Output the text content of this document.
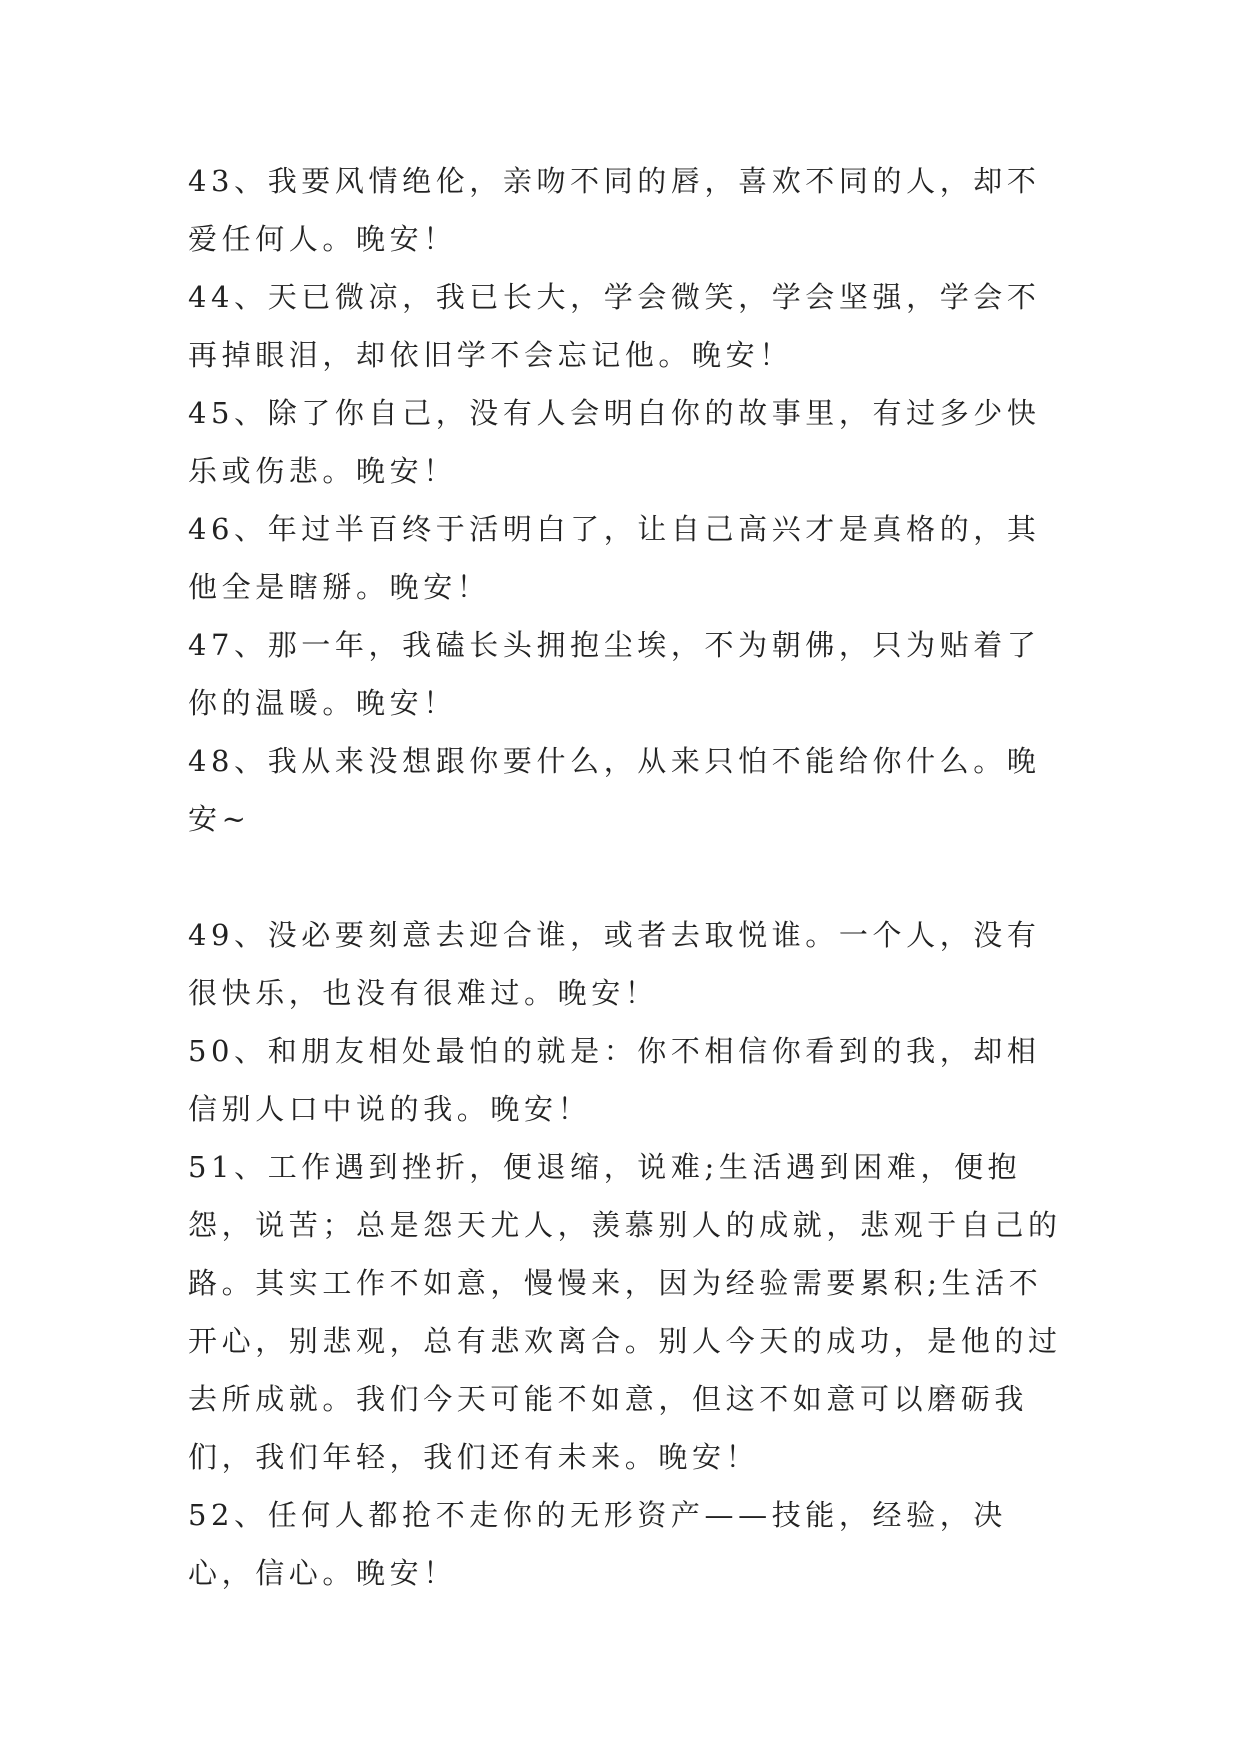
43、我要风情绝伦，亲吻不同的唇，喜欢不同的人，却不爱任何人。晚安！

44、天已微凉，我已长大，学会微笑，学会坚强，学会不再掉眼泪，却依旧学不会忘记他。晚安！

45、除了你自己，没有人会明白你的故事里，有过多少快乐或伤悲。晚安！

46、年过半百终于活明白了，让自己高兴才是真格的，其他全是瞎掰。晚安！

47、那一年，我磕长头拥抱尘埃，不为朝佛，只为贴着了你的温暖。晚安！

48、我从来没想跟你要什么，从来只怕不能给你什么。晚安~

49、没必要刻意去迎合谁，或者去取悦谁。一个人，没有很快乐，也没有很难过。晚安！

50、和朋友相处最怕的就是：你不相信你看到的我，却相信别人口中说的我。晚安！

51、工作遇到挫折，便退缩，说难;生活遇到困难，便抱怨，说苦；总是怨天尤人，羡慕别人的成就，悲观于自己的路。其实工作不如意，慢慢来，因为经验需要累积;生活不开心，别悲观，总有悲欢离合。别人今天的成功，是他的过去所成就。我们今天可能不如意，但这不如意可以磨砺我们，我们年轻，我们还有未来。晚安！

52、任何人都抢不走你的无形资产——技能，经验，决心，信心。晚安！
